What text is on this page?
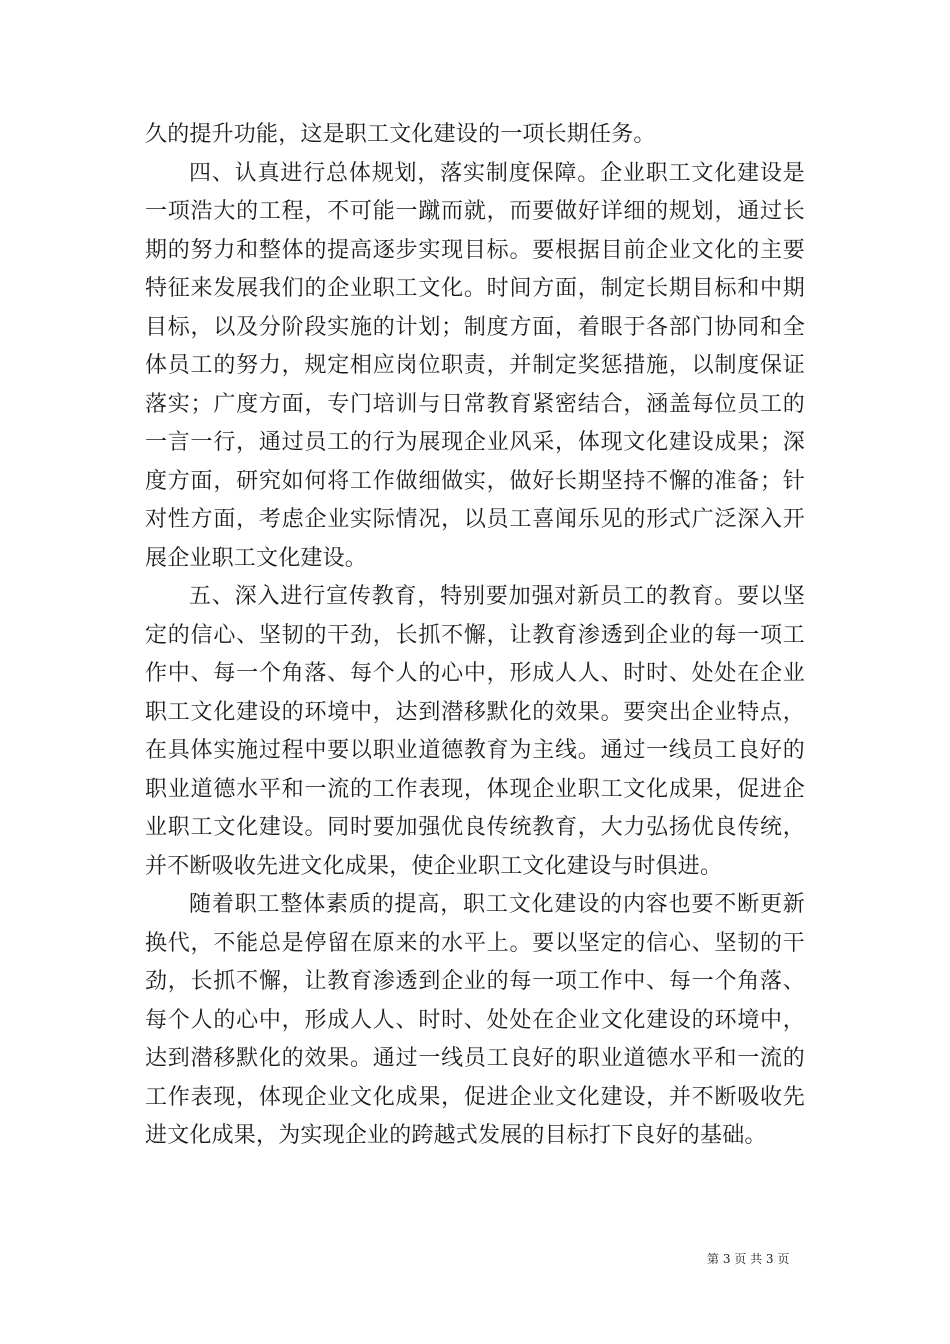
久的提升功能，这是职工文化建设的一项长期任务。

四、认真进行总体规划，落实制度保障。企业职工文化建设是一项浩大的工程，不可能一蹴而就，而要做好详细的规划，通过长期的努力和整体的提高逐步实现目标。要根据目前企业文化的主要特征来发展我们的企业职工文化。时间方面，制定长期目标和中期目标，以及分阶段实施的计划；制度方面，着眼于各部门协同和全体员工的努力，规定相应岗位职责，并制定奖惩措施，以制度保证落实；广度方面，专门培训与日常教育紧密结合，涵盖每位员工的一言一行，通过员工的行为展现企业风采，体现文化建设成果；深度方面，研究如何将工作做细做实，做好长期坚持不懈的准备；针对性方面，考虑企业实际情况，以员工喜闻乐见的形式广泛深入开展企业职工文化建设。

五、深入进行宣传教育，特别要加强对新员工的教育。要以坚定的信心、坚韧的干劲，长抓不懈，让教育渗透到企业的每一项工作中、每一个角落、每个人的心中，形成人人、时时、处处在企业职工文化建设的环境中，达到潜移默化的效果。要突出企业特点，在具体实施过程中要以职业道德教育为主线。通过一线员工良好的职业道德水平和一流的工作表现，体现企业职工文化成果，促进企业职工文化建设。同时要加强优良传统教育，大力弘扬优良传统，并不断吸收先进文化成果，使企业职工文化建设与时俱进。

随着职工整体素质的提高，职工文化建设的内容也要不断更新换代，不能总是停留在原来的水平上。要以坚定的信心、坚韧的干劲，长抓不懈，让教育渗透到企业的每一项工作中、每一个角落、每个人的心中，形成人人、时时、处处在企业文化建设的环境中，达到潜移默化的效果。通过一线员工良好的职业道德水平和一流的工作表现，体现企业文化成果，促进企业文化建设，并不断吸收先进文化成果，为实现企业的跨越式发展的目标打下良好的基础。

第 3 页 共 3 页
